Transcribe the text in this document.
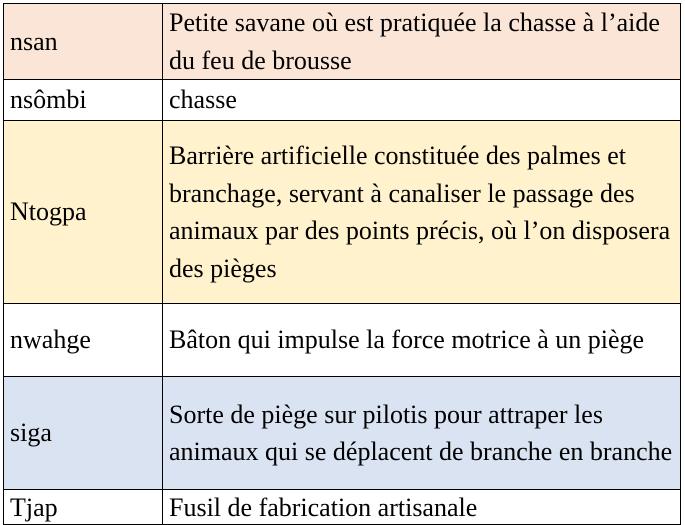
nsan	Petite savane où est pratiquée la chasse à l’aide du feu de brousse
nsômbi	chasse
Ntogpa	Barrière artificielle constituée des palmes et branchage, servant à canaliser le passage des animaux par des points précis, où l’on disposera des pièges
nwahge	Bâton qui impulse la force motrice à un piège
siga	Sorte de piège sur pilotis pour attraper les animaux qui se déplacent de branche en branche
Tjap	Fusil de fabrication artisanale
